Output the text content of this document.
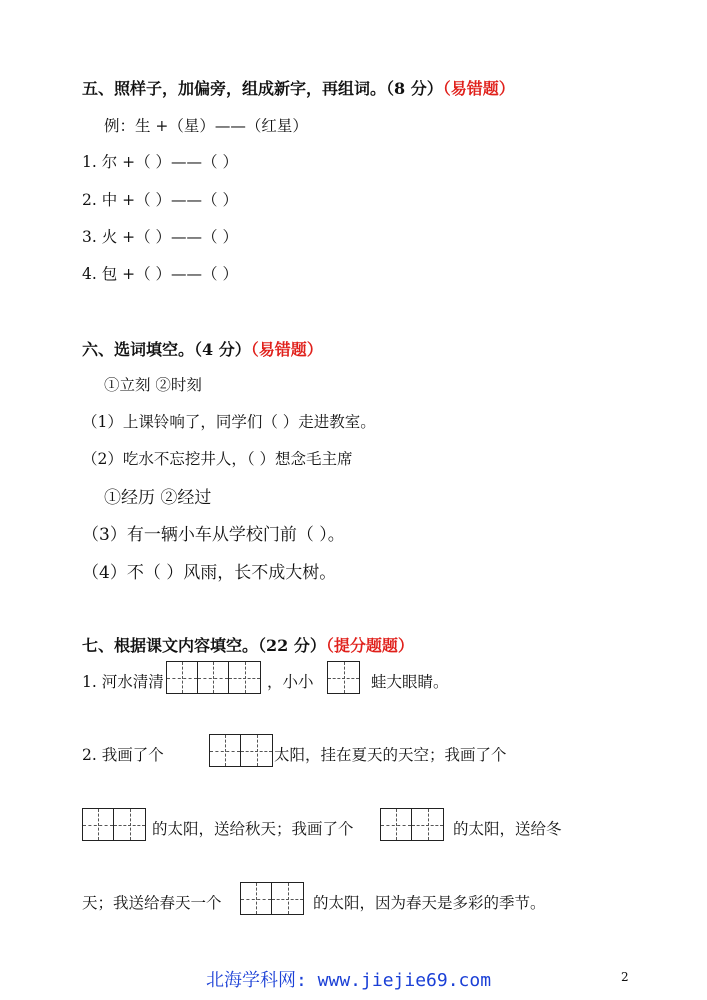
五、照样子，加偏旁，组成新字，再组词。（8 分）（易错题）
例：生 +（星）——（红星）
1. 尔 +（ ）——（ ）
2. 中 +（ ）——（ ）
3. 火 +（ ）——（ ）
4. 包 +（ ）——（ ）
六、选词填空。（4 分）（易错题）
①立刻 ②时刻
（1）上课铃响了，同学们（ ）走进教室。
（2）吃水不忘挖井人，（ ）想念毛主席
①经历 ②经过
（3）有一辆小车从学校门前（ ）。
（4）不（ ）风雨，长不成大树。
七、根据课文内容填空。（22 分）（提分题题）
1. 河水清清	，小小	蛙大眼睛。
2. 我画了个	太阳，挂在夏天的天空；我画了个
的太阳，送给秋天；我画了个	的太阳，送给冬
天；我送给春天一个	的太阳，因为春天是多彩的季节。
北海学科网: www.jiejie69.com	2
